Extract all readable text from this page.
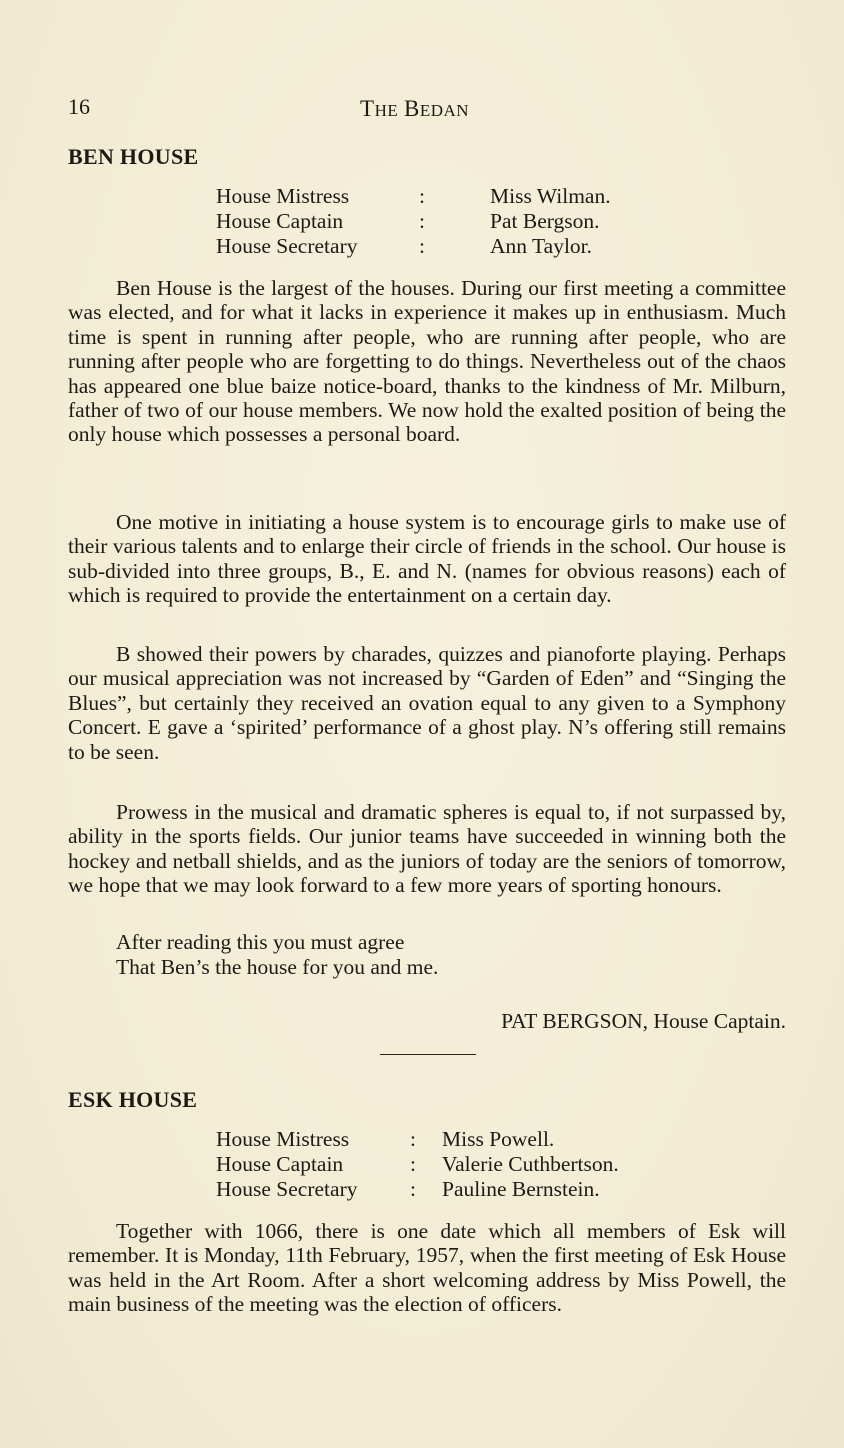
16	THE BEDAN
BEN HOUSE
House Mistress	:	Miss Wilman.
House Captain	:	Pat Bergson.
House Secretary	:	Ann Taylor.

Ben House is the largest of the houses. During our first meeting a committee was elected, and for what it lacks in experience it makes up in enthusiasm. Much time is spent in running after people, who are running after people, who are running after people who are forgetting to do things. Nevertheless out of the chaos has appeared one blue baize notice-board, thanks to the kindness of Mr. Milburn, father of two of our house members. We now hold the exalted position of being the only house which possesses a personal board.

One motive in initiating a house system is to encourage girls to make use of their various talents and to enlarge their circle of friends in the school. Our house is sub-divided into three groups, B., E. and N. (names for obvious reasons) each of which is required to provide the entertainment on a certain day.

B showed their powers by charades, quizzes and pianoforte playing. Perhaps our musical appreciation was not increased by “Garden of Eden” and “Singing the Blues”, but certainly they received an ovation equal to any given to a Symphony Concert. E gave a ‘spirited’ performance of a ghost play. N’s offering still remains to be seen.

Prowess in the musical and dramatic spheres is equal to, if not surpassed by, ability in the sports fields. Our junior teams have succeeded in winning both the hockey and netball shields, and as the juniors of today are the seniors of tomorrow, we hope that we may look forward to a few more years of sporting honours.

After reading this you must agree
That Ben’s the house for you and me.
PAT BERGSON, House Captain.
ESK HOUSE
House Mistress	: Miss Powell.
House Captain	: Valerie Cuthbertson.
House Secretary : Pauline Bernstein.

Together with 1066, there is one date which all members of Esk will remember. It is Monday, 11th February, 1957, when the first meeting of Esk House was held in the Art Room. After a short welcoming address by Miss Powell, the main business of the meeting was the election of officers.
